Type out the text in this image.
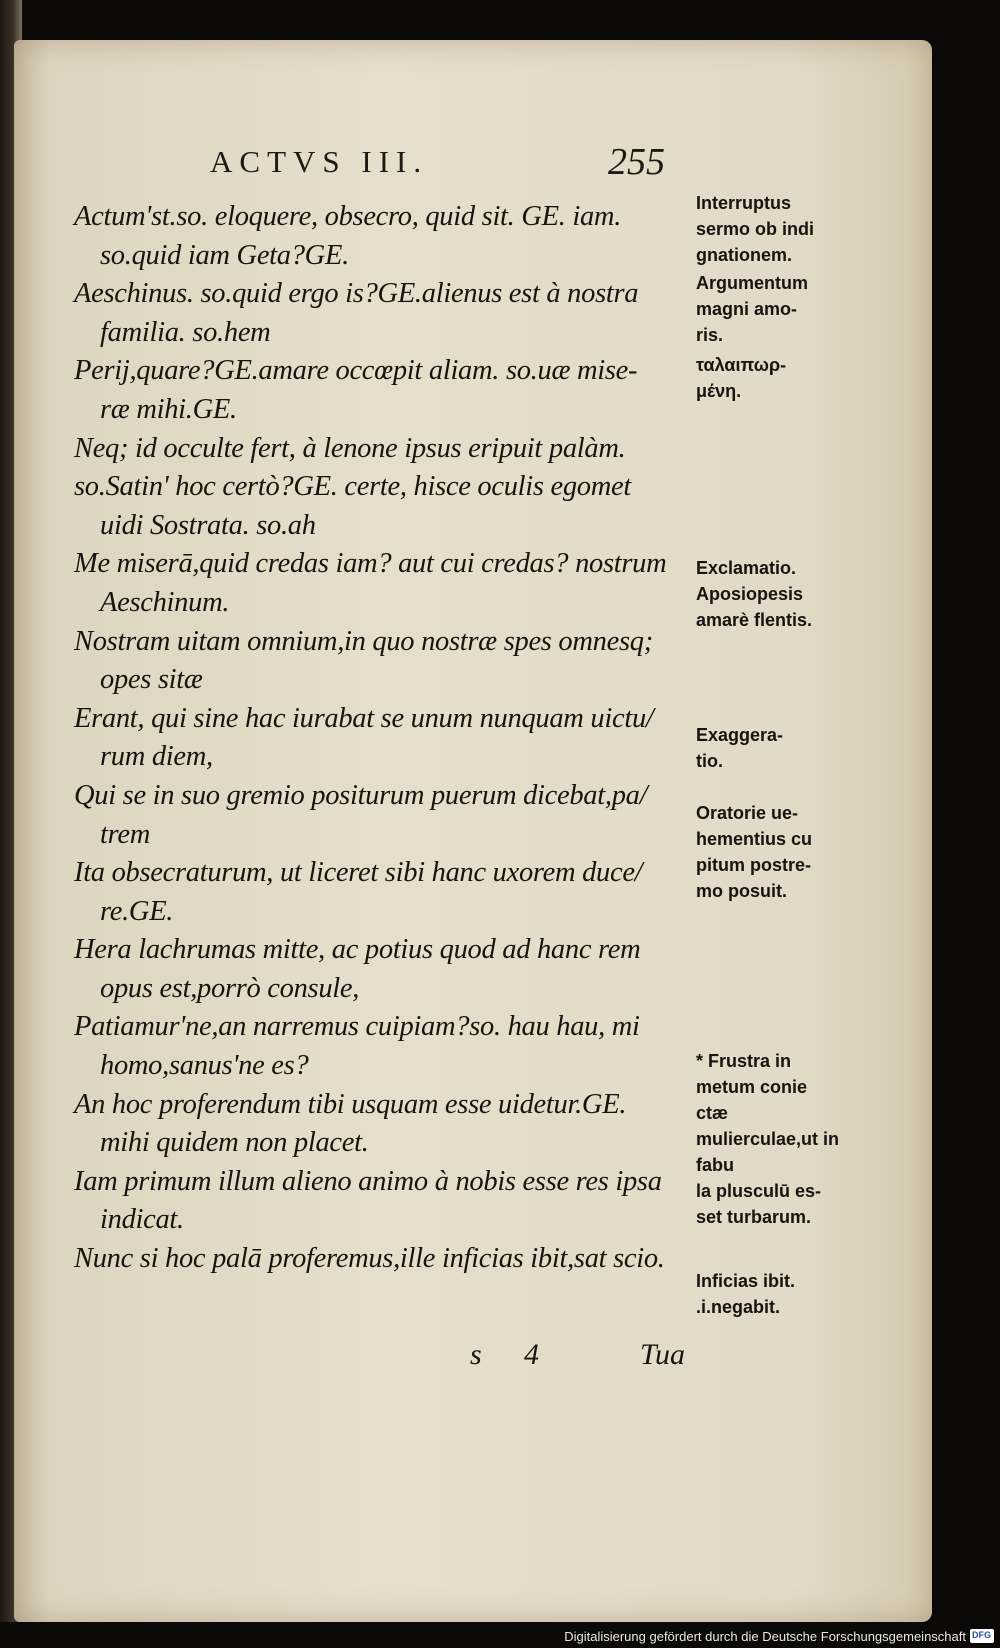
ACTVS III.	255
Actum'st.so. eloquere, obsecro, quid sit. GE. iam.
so.quid iam Geta?GE.
Aeschinus. so.quid ergo is?GE.alienus est à nostra
familia. so.hem
Perij,quare?GE.amare occœpit aliam. so.uæ mise-
ræ mihi.GE.
Neq; id occulte fert, à lenone ipsus eripuit palàm.
so.Satin' hoc certò?GE. certe, hisce oculis egomet
uidi Sostrata. so.ah
Me miserā,quid credas iam? aut cui credas? nostrum
Aeschinum.
Nostram uitam omnium,in quo nostræ spes omnesq;
opes sitæ
Erant, qui sine hac iurabat se unum nunquam uictu/
rum diem,
Qui se in suo gremio positurum puerum dicebat,pa/
trem
Ita obsecraturum, ut liceret sibi hanc uxorem duce/
re.GE.
Hera lachrumas mitte, ac potius quod ad hanc rem
opus est,porrò consule,
Patiamur'ne,an narremus cuipiam?so. hau hau, mi
homo,sanus'ne es?
An hoc proferendum tibi usquam esse uidetur.GE.
mihi quidem non placet.
Iam primum illum alieno animo à nobis esse res ipsa
indicat.
Nunc si hoc palā proferemus,ille inficias ibit,sat scio.
Interruptus
sermo ob indi
gnationem.
Argumentum
magni amo-
ris.
ταλαιπωρ-
μένη.
Exclamatio.
Aposiopesis
amarè flentis.
Exaggera-
tio.
Oratorie ue-
hementius cu
pitum postre-
mo posuit.
* Frustra in
metum conie
ctæ mulierculae,ut in fabu
la plusculū es-
set turbarum.
Inficias ibit.
.i.negabit.
s 4	Tua
Digitalisierung gefördert durch die Deutsche Forschungsgemeinschaft DFG
